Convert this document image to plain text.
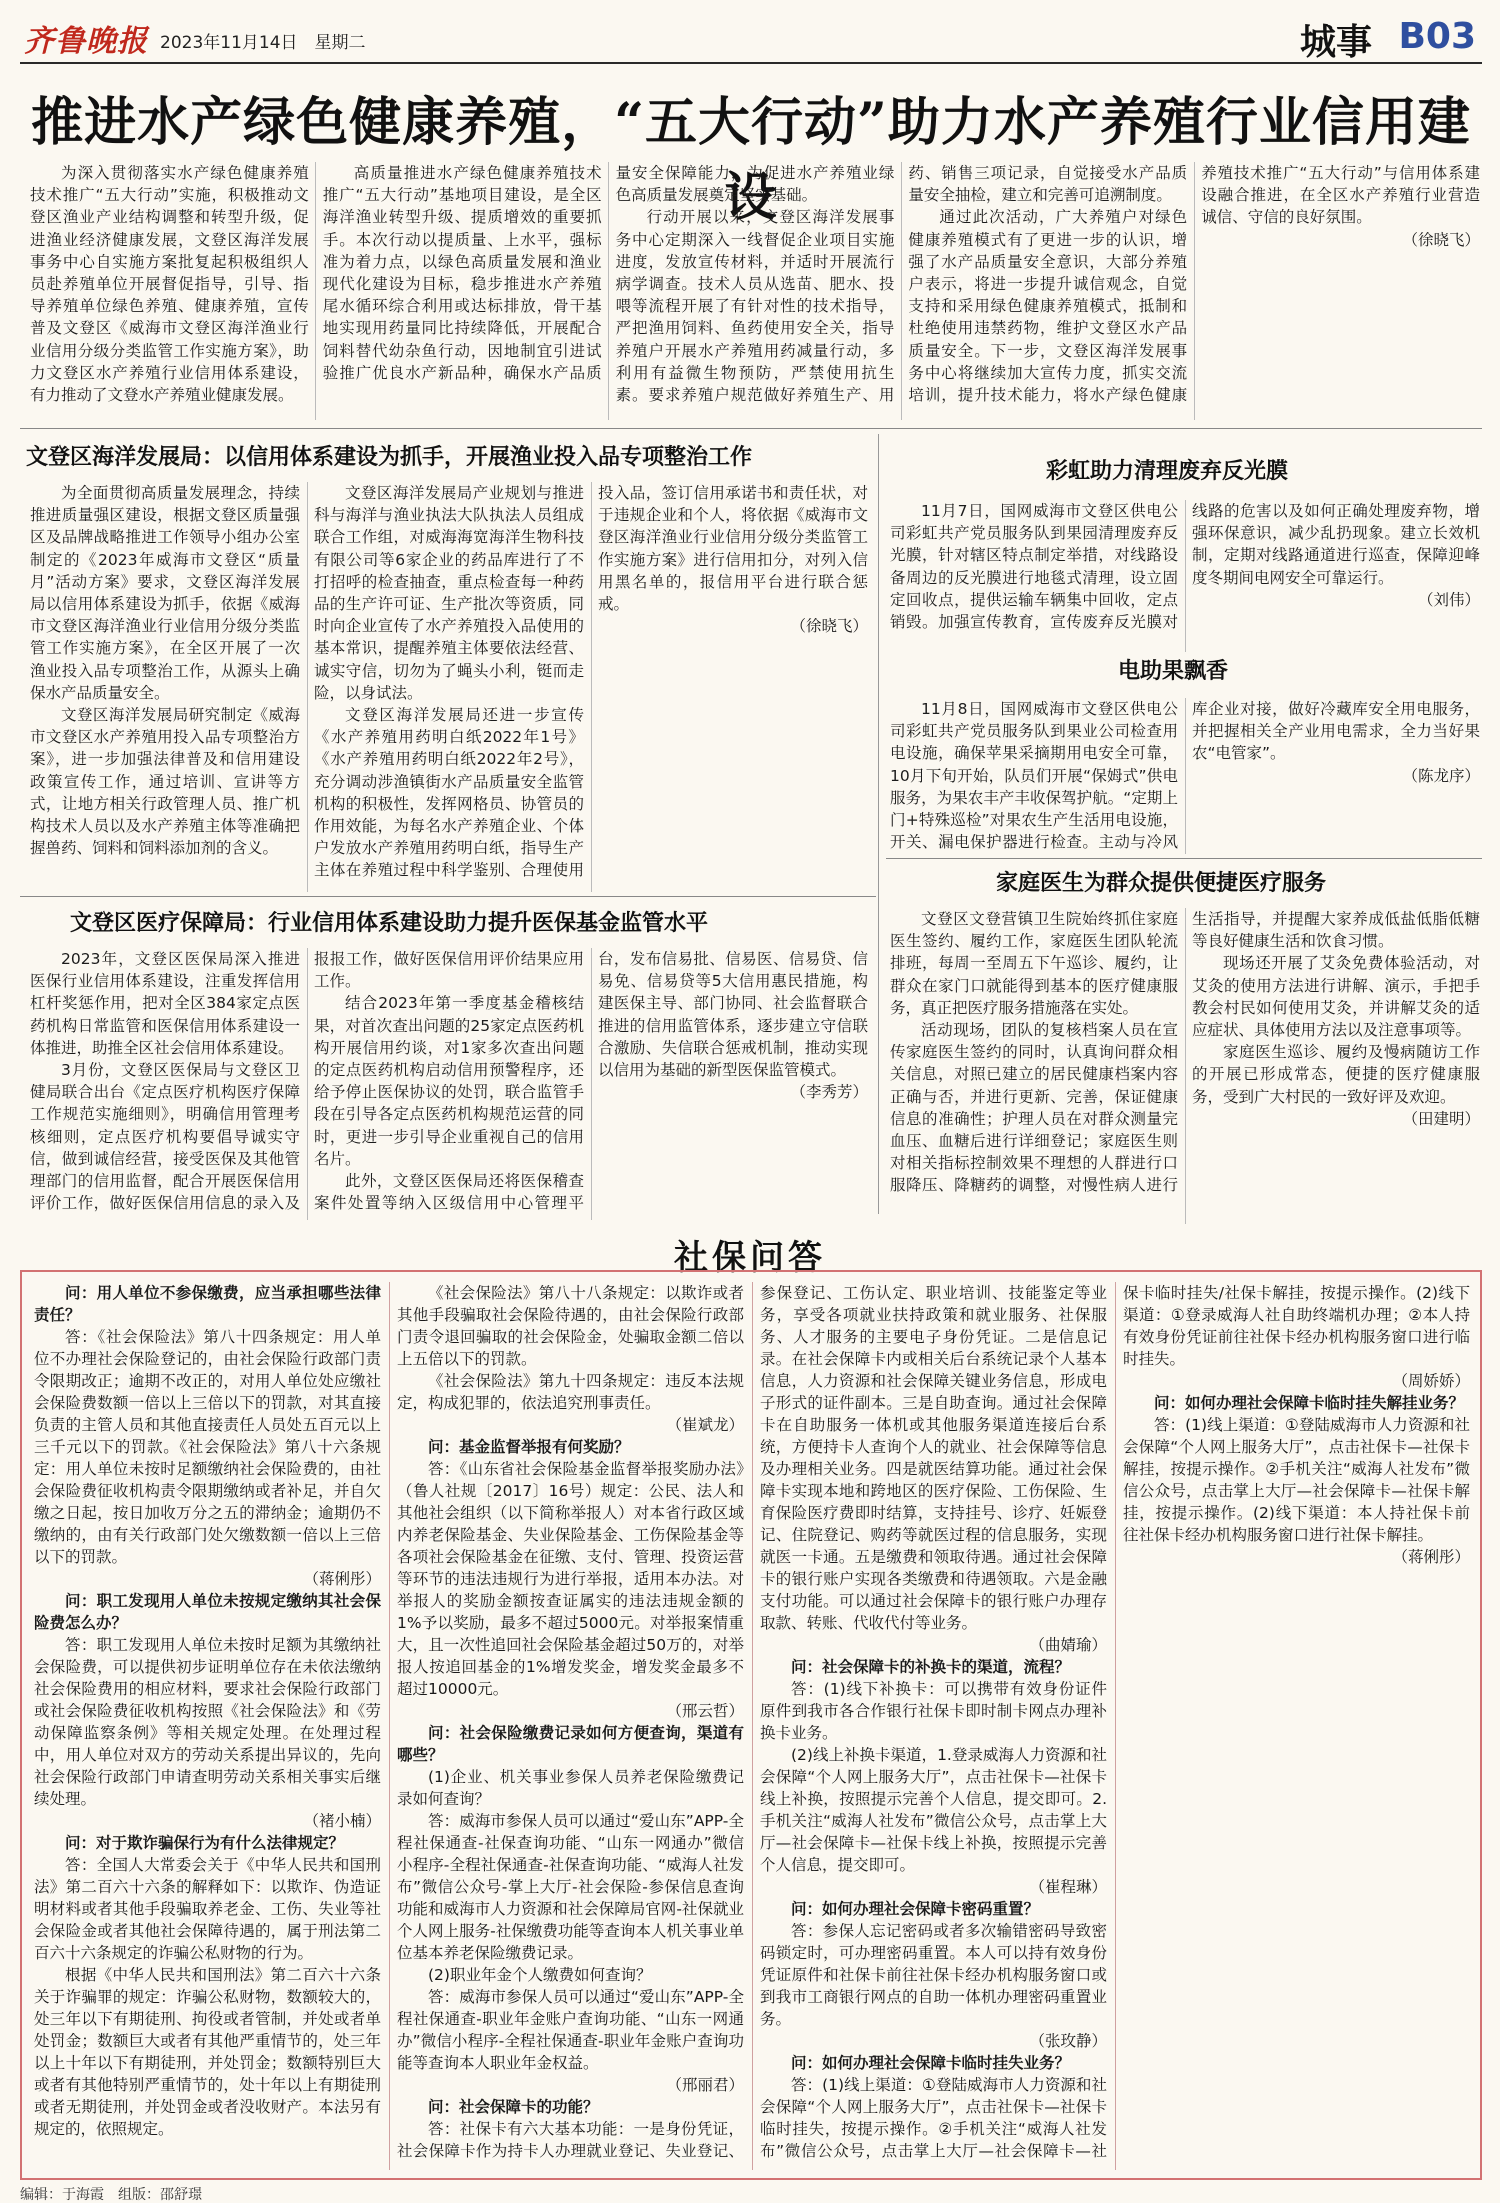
齐鲁晚报 2023年11月14日　星期二	城事 B03
推进水产绿色健康养殖，“五大行动”助力水产养殖行业信用建设

为深入贯彻落实水产绿色健康养殖技术推广“五大行动”实施，积极推动文登区渔业产业结构调整和转型升级，促进渔业经济健康发展，文登区海洋发展事务中心自实施方案批复起积极组织人员赴养殖单位开展督促指导，引导、指导养殖单位绿色养殖、健康养殖，宣传普及文登区《威海市文登区海洋渔业行业信用分级分类监管工作实施方案》，助力文登区水产养殖行业信用体系建设，有力推动了文登水产养殖业健康发展。

高质量推进水产绿色健康养殖技术推广“五大行动”基地项目建设，是全区海洋渔业转型升级、提质增效的重要抓手。本次行动以提质量、上水平，强标准为着力点，以绿色高质量发展和渔业现代化建设为目标，稳步推进水产养殖尾水循环综合利用或达标排放，骨干基地实现用药量同比持续降低，开展配合饲料替代幼杂鱼行动，因地制宜引进试验推广优良水产新品种，确保水产品质量安全保障能力，为促进水产养殖业绿色高质量发展奠定坚实基础。

行动开展以来，文登区海洋发展事务中心定期深入一线督促企业项目实施进度，发放宣传材料，并适时开展流行病学调查。技术人员从选苗、肥水、投喂等流程开展了有针对性的技术指导，严把渔用饲料、鱼药使用安全关，指导养殖户开展水产养殖用药减量行动，多利用有益微生物预防，严禁使用抗生素。要求养殖户规范做好养殖生产、用药、销售三项记录，自觉接受水产品质量安全抽检，建立和完善可追溯制度。

通过此次活动，广大养殖户对绿色健康养殖模式有了更进一步的认识，增强了水产品质量安全意识，大部分养殖户表示，将进一步提升诚信观念，自觉支持和采用绿色健康养殖模式，抵制和杜绝使用违禁药物，维护文登区水产品质量安全。下一步，文登区海洋发展事务中心将继续加大宣传力度，抓实交流培训，提升技术能力，将水产绿色健康养殖技术推广“五大行动”与信用体系建设融合推进，在全区水产养殖行业营造诚信、守信的良好氛围。

（徐晓飞）

文登区海洋发展局：以信用体系建设为抓手，开展渔业投入品专项整治工作

为全面贯彻高质量发展理念，持续推进质量强区建设，根据文登区质量强区及品牌战略推进工作领导小组办公室制定的《2023年威海市文登区“质量月”活动方案》要求，文登区海洋发展局以信用体系建设为抓手，依据《威海市文登区海洋渔业行业信用分级分类监管工作实施方案》，在全区开展了一次渔业投入品专项整治工作，从源头上确保水产品质量安全。

文登区海洋发展局研究制定《威海市文登区水产养殖用投入品专项整治方案》，进一步加强法律普及和信用建设政策宣传工作，通过培训、宣讲等方式，让地方相关行政管理人员、推广机构技术人员以及水产养殖主体等准确把握兽药、饲料和饲料添加剂的含义。

文登区海洋发展局产业规划与推进科与海洋与渔业执法大队执法人员组成联合工作组，对威海海宽海洋生物科技有限公司等6家企业的药品库进行了不打招呼的检查抽查，重点检查每一种药品的生产许可证、生产批次等资质，同时向企业宣传了水产养殖投入品使用的基本常识，提醒养殖主体要依法经营、诚实守信，切勿为了蝇头小利，铤而走险，以身试法。

文登区海洋发展局还进一步宣传《水产养殖用药明白纸2022年1号》《水产养殖用药明白纸2022年2号》，充分调动涉渔镇街水产品质量安全监管机构的积极性，发挥网格员、协管员的作用效能，为每名水产养殖企业、个体户发放水产养殖用药明白纸，指导生产主体在养殖过程中科学鉴别、合理使用投入品，签订信用承诺书和责任状，对于违规企业和个人，将依据《威海市文登区海洋渔业行业信用分级分类监管工作实施方案》进行信用扣分，对列入信用黑名单的，报信用平台进行联合惩戒。

（徐晓飞）

彩虹助力清理废弃反光膜

11月7日，国网威海市文登区供电公司彩虹共产党员服务队到果园清理废弃反光膜，针对辖区特点制定举措，对线路设备周边的反光膜进行地毯式清理，设立固定回收点，提供运输车辆集中回收，定点销毁。加强宣传教育，宣传废弃反光膜对线路的危害以及如何正确处理废弃物，增强环保意识，减少乱扔现象。建立长效机制，定期对线路通道进行巡查，保障迎峰度冬期间电网安全可靠运行。

（刘伟）

电助果飘香

11月8日，国网威海市文登区供电公司彩虹共产党员服务队到果业公司检查用电设施，确保苹果采摘期用电安全可靠，10月下旬开始，队员们开展“保姆式”供电服务，为果农丰产丰收保驾护航。“定期上门+特殊巡检”对果农生产生活用电设施，开关、漏电保护器进行检查。主动与冷风库企业对接，做好冷藏库安全用电服务，并把握相关全产业用电需求，全力当好果农“电管家”。

（陈龙序）

家庭医生为群众提供便捷医疗服务

文登区文登营镇卫生院始终抓住家庭医生签约、履约工作，家庭医生团队轮流排班，每周一至周五下午巡诊、履约，让群众在家门口就能得到基本的医疗健康服务，真正把医疗服务措施落在实处。

活动现场，团队的复核档案人员在宣传家庭医生签约的同时，认真询问群众相关信息，对照已建立的居民健康档案内容正确与否，并进行更新、完善，保证健康信息的准确性；护理人员在对群众测量完血压、血糖后进行详细登记；家庭医生则对相关指标控制效果不理想的人群进行口服降压、降糖药的调整，对慢性病人进行生活指导，并提醒大家养成低盐低脂低糖等良好健康生活和饮食习惯。

现场还开展了艾灸免费体验活动，对艾灸的使用方法进行讲解、演示，手把手教会村民如何使用艾灸，并讲解艾灸的适应症状、具体使用方法以及注意事项等。

家庭医生巡诊、履约及慢病随访工作的开展已形成常态，便捷的医疗健康服务，受到广大村民的一致好评及欢迎。

（田建明）

文登区医疗保障局：行业信用体系建设助力提升医保基金监管水平

2023年，文登区医保局深入推进医保行业信用体系建设，注重发挥信用杠杆奖惩作用，把对全区384家定点医药机构日常监管和医保信用体系建设一体推进，助推全区社会信用体系建设。

3月份，文登区医保局与文登区卫健局联合出台《定点医疗机构医疗保障工作规范实施细则》，明确信用管理考核细则，定点医疗机构要倡导诚实守信，做到诚信经营，接受医保及其他管理部门的信用监督，配合开展医保信用评价工作，做好医保信用信息的录入及报报工作，做好医保信用评价结果应用工作。

结合2023年第一季度基金稽核结果，对首次查出问题的25家定点医药机构开展信用约谈，对1家多次查出问题的定点医药机构启动信用预警程序，还给予停止医保协议的处罚，联合监管手段在引导各定点医药机构规范运营的同时，更进一步引导企业重视自己的信用名片。

此外，文登区医保局还将医保稽查案件处置等纳入区级信用中心管理平台，发布信易批、信易医、信易贷、信易免、信易贷等5大信用惠民措施，构建医保主导、部门协同、社会监督联合推进的信用监管体系，逐步建立守信联合激励、失信联合惩戒机制，推动实现以信用为基础的新型医保监管模式。

（李秀芳）

社保问答

问：用人单位不参保缴费，应当承担哪些法律责任？

答：《社会保险法》第八十四条规定：用人单位不办理社会保险登记的，由社会保险行政部门责令限期改正；逾期不改正的，对用人单位处应缴社会保险费数额一倍以上三倍以下的罚款，对其直接负责的主管人员和其他直接责任人员处五百元以上三千元以下的罚款。《社会保险法》第八十六条规定：用人单位未按时足额缴纳社会保险费的，由社会保险费征收机构责令限期缴纳或者补足，并自欠缴之日起，按日加收万分之五的滞纳金；逾期仍不缴纳的，由有关行政部门处欠缴数额一倍以上三倍以下的罚款。

（蒋俐彤）

问：职工发现用人单位未按规定缴纳其社会保险费怎么办？

答：职工发现用人单位未按时足额为其缴纳社会保险费，可以提供初步证明单位存在未依法缴纳社会保险费用的相应材料，要求社会保险行政部门或社会保险费征收机构按照《社会保险法》和《劳动保障监察条例》等相关规定处理。在处理过程中，用人单位对双方的劳动关系提出异议的，先向社会保险行政部门申请查明劳动关系相关事实后继续处理。

（褚小楠）

问：对于欺诈骗保行为有什么法律规定？

答：全国人大常委会关于《中华人民共和国刑法》第二百六十六条的解释如下：以欺诈、伪造证明材料或者其他手段骗取养老金、工伤、失业等社会保险金或者其他社会保障待遇的，属于刑法第二百六十六条规定的诈骗公私财物的行为。

根据《中华人民共和国刑法》第二百六十六条关于诈骗罪的规定：诈骗公私财物，数额较大的，处三年以下有期徒刑、拘役或者管制，并处或者单处罚金；数额巨大或者有其他严重情节的，处三年以上十年以下有期徒刑，并处罚金；数额特别巨大或者有其他特别严重情节的，处十年以上有期徒刑或者无期徒刑，并处罚金或者没收财产。本法另有规定的，依照规定。

《社会保险法》第八十八条规定：以欺诈或者其他手段骗取社会保险待遇的，由社会保险行政部门责令退回骗取的社会保险金，处骗取金额二倍以上五倍以下的罚款。

《社会保险法》第九十四条规定：违反本法规定，构成犯罪的，依法追究刑事责任。

（崔斌龙）

问：基金监督举报有何奖励？

答：《山东省社会保险基金监督举报奖励办法》（鲁人社规〔2017〕16号）规定：公民、法人和其他社会组织（以下简称举报人）对本省行政区域内养老保险基金、失业保险基金、工伤保险基金等各项社会保险基金在征缴、支付、管理、投资运营等环节的违法违规行为进行举报，适用本办法。对举报人的奖励金额按查证属实的违法违规金额的1%予以奖励，最多不超过5000元。对举报案情重大，且一次性追回社会保险基金超过50万的，对举报人按追回基金的1%增发奖金，增发奖金最多不超过10000元。

（邢云哲）

问：社会保险缴费记录如何方便查询，渠道有哪些？

(1)企业、机关事业参保人员养老保险缴费记录如何查询？

答：威海市参保人员可以通过“爱山东”APP-全程社保通查-社保查询功能、“山东一网通办”微信小程序-全程社保通查-社保查询功能、“威海人社发布”微信公众号-掌上大厅-社会保险-参保信息查询功能和威海市人力资源和社会保障局官网-社保就业个人网上服务-社保缴费功能等查询本人机关事业单位基本养老保险缴费记录。

(2)职业年金个人缴费如何查询？

答：威海市参保人员可以通过“爱山东”APP-全程社保通查-职业年金账户查询功能、“山东一网通办”微信小程序-全程社保通查-职业年金账户查询功能等查询本人职业年金权益。

（邢丽君）

问：社会保障卡的功能？

答：社保卡有六大基本功能：一是身份凭证，社会保障卡作为持卡人办理就业登记、失业登记、参保登记、工伤认定、职业培训、技能鉴定等业务，享受各项就业扶持政策和就业服务、社保服务、人才服务的主要电子身份凭证。二是信息记录。在社会保障卡内或相关后台系统记录个人基本信息，人力资源和社会保障关键业务信息，形成电子形式的证件副本。三是自助查询。通过社会保障卡在自助服务一体机或其他服务渠道连接后台系统，方便持卡人查询个人的就业、社会保障等信息及办理相关业务。四是就医结算功能。通过社会保障卡实现本地和跨地区的医疗保险、工伤保险、生育保险医疗费即时结算，支持挂号、诊疗、妊娠登记、住院登记、购药等就医过程的信息服务，实现就医一卡通。五是缴费和领取待遇。通过社会保障卡的银行账户实现各类缴费和待遇领取。六是金融支付功能。可以通过社会保障卡的银行账户办理存取款、转账、代收代付等业务。

（曲婧瑜）

问：社会保障卡的补换卡的渠道，流程？

答：(1)线下补换卡：可以携带有效身份证件原件到我市各合作银行社保卡即时制卡网点办理补换卡业务。

(2)线上补换卡渠道，1.登录威海人力资源和社会保障“个人网上服务大厅”，点击社保卡—社保卡线上补换，按照提示完善个人信息，提交即可。2.手机关注“威海人社发布”微信公众号，点击掌上大厅—社会保障卡—社保卡线上补换，按照提示完善个人信息，提交即可。

（崔程琳）

问：如何办理社会保障卡密码重置？

答：参保人忘记密码或者多次输错密码导致密码锁定时，可办理密码重置。本人可以持有效身份凭证原件和社保卡前往社保卡经办机构服务窗口或到我市工商银行网点的自助一体机办理密码重置业务。

（张玫静）

问：如何办理社会保障卡临时挂失业务？

答：(1)线上渠道：①登陆威海市人力资源和社会保障“个人网上服务大厅”，点击社保卡—社保卡临时挂失，按提示操作。②手机关注“威海人社发布”微信公众号，点击掌上大厅—社会保障卡—社保卡临时挂失/社保卡解挂，按提示操作。(2)线下渠道：①登录威海人社自助终端机办理；②本人持有效身份凭证前往社保卡经办机构服务窗口进行临时挂失。

（周娇娇）

问：如何办理社会保障卡临时挂失解挂业务？

答：(1)线上渠道：①登陆威海市人力资源和社会保障“个人网上服务大厅”，点击社保卡—社保卡解挂，按提示操作。②手机关注“威海人社发布”微信公众号，点击掌上大厅—社会保障卡—社保卡解挂，按提示操作。(2)线下渠道：本人持社保卡前往社保卡经办机构服务窗口进行社保卡解挂。

（蒋俐彤）

编辑：于海霞　组版：邵舒璟
